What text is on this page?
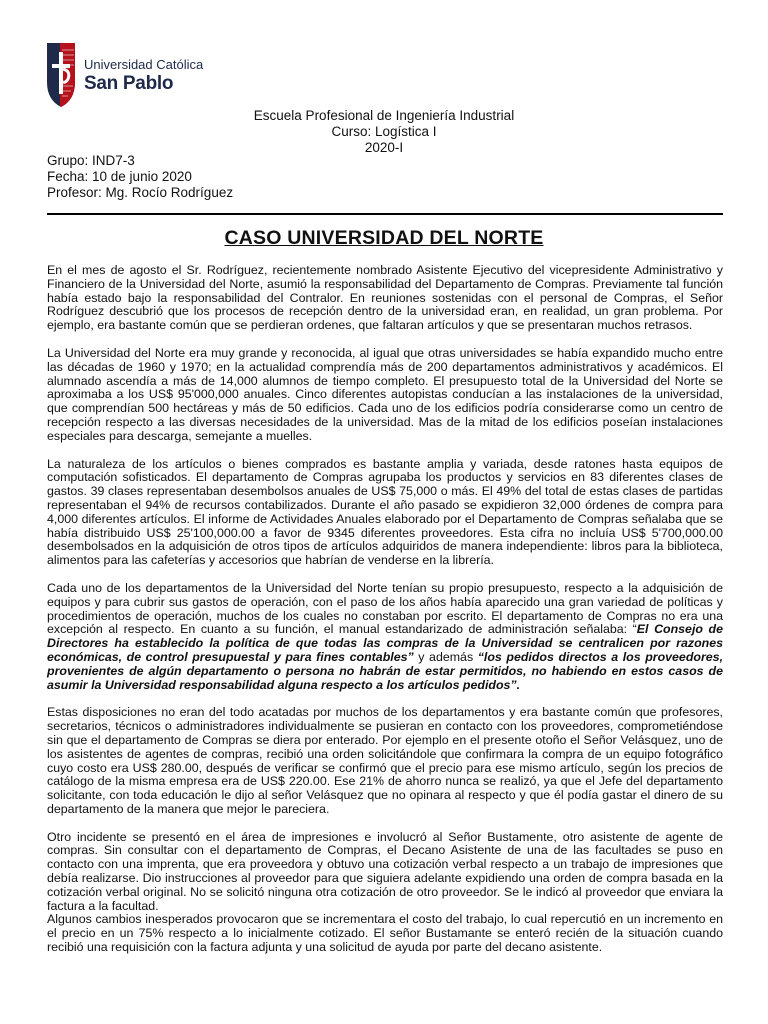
Universidad Católica
San Pablo
Escuela Profesional de Ingeniería Industrial
Curso: Logística I
2020-I
Grupo: IND7-3
Fecha: 10 de junio 2020
Profesor: Mg. Rocío Rodríguez
CASO UNIVERSIDAD DEL NORTE

En el mes de agosto el Sr. Rodríguez, recientemente nombrado Asistente Ejecutivo del vicepresidente Administrativo y Financiero de la Universidad del Norte, asumió la responsabilidad del Departamento de Compras. Previamente tal función había estado bajo la responsabilidad del Contralor. En reuniones sostenidas con el personal de Compras, el Señor Rodríguez descubrió que los procesos de recepción dentro de la universidad eran, en realidad, un gran problema. Por ejemplo, era bastante común que se perdieran ordenes, que faltaran artículos y que se presentaran muchos retrasos.

La Universidad del Norte era muy grande y reconocida, al igual que otras universidades se había expandido mucho entre las décadas de 1960 y 1970; en la actualidad comprendía más de 200 departamentos administrativos y académicos. El alumnado ascendía a más de 14,000 alumnos de tiempo completo. El presupuesto total de la Universidad del Norte se aproximaba a los US$ 95'000,000 anuales. Cinco diferentes autopistas conducían a las instalaciones de la universidad, que comprendían 500 hectáreas y más de 50 edificios. Cada uno de los edificios podría considerarse como un centro de recepción respecto a las diversas necesidades de la universidad. Mas de la mitad de los edificios poseían instalaciones especiales para descarga, semejante a muelles.

La naturaleza de los artículos o bienes comprados es bastante amplia y variada, desde ratones hasta equipos de computación sofisticados. El departamento de Compras agrupaba los productos y servicios en 83 diferentes clases de gastos. 39 clases representaban desembolsos anuales de US$ 75,000 o más. El 49% del total de estas clases de partidas representaban el 94% de recursos contabilizados. Durante el año pasado se expidieron 32,000 órdenes de compra para 4,000 diferentes artículos. El informe de Actividades Anuales elaborado por el Departamento de Compras señalaba que se había distribuido US$ 25'100,000.00 a favor de 9345 diferentes proveedores. Esta cifra no incluía US$ 5'700,000.00 desembolsados en la adquisición de otros tipos de artículos adquiridos de manera independiente: libros para la biblioteca, alimentos para las cafeterías y accesorios que habrían de venderse en la librería.

Cada uno de los departamentos de la Universidad del Norte tenían su propio presupuesto, respecto a la adquisición de equipos y para cubrir sus gastos de operación, con el paso de los años había aparecido una gran variedad de políticas y procedimientos de operación, muchos de los cuales no constaban por escrito. El departamento de Compras no era una excepción al respecto. En cuanto a su función, el manual estandarizado de administración señalaba: “El Consejo de Directores ha establecido la política de que todas las compras de la Universidad se centralicen por razones económicas, de control presupuestal y para fines contables” y además “los pedidos directos a los proveedores, provenientes de algún departamento o persona no habrán de estar permitidos, no habiendo en estos casos de asumir la Universidad responsabilidad alguna respecto a los artículos pedidos”.

Estas disposiciones no eran del todo acatadas por muchos de los departamentos y era bastante común que profesores, secretarios, técnicos o administradores individualmente se pusieran en contacto con los proveedores, comprometiéndose sin que el departamento de Compras se diera por enterado. Por ejemplo en el presente otoño el Señor Velásquez, uno de los asistentes de agentes de compras, recibió una orden solicitándole que confirmara la compra de un equipo fotográfico cuyo costo era US$ 280.00, después de verificar se confirmó que el precio para ese mismo artículo, según los precios de catálogo de la misma empresa era de US$ 220.00. Ese 21% de ahorro nunca se realizó, ya que el Jefe del departamento solicitante, con toda educación le dijo al señor Velásquez que no opinara al respecto y que él podía gastar el dinero de su departamento de la manera que mejor le pareciera.

Otro incidente se presentó en el área de impresiones e involucró al Señor Bustamente, otro asistente de agente de compras. Sin consultar con el departamento de Compras, el Decano Asistente de una de las facultades se puso en contacto con una imprenta, que era proveedora y obtuvo una cotización verbal respecto a un trabajo de impresiones que debía realizarse. Dio instrucciones al proveedor para que siguiera adelante expidiendo una orden de compra basada en la cotización verbal original. No se solicitó ninguna otra cotización de otro proveedor. Se le indicó al proveedor que enviara la factura a la facultad.

Algunos cambios inesperados provocaron que se incrementara el costo del trabajo, lo cual repercutió en un incremento en el precio en un 75% respecto a lo inicialmente cotizado. El señor Bustamante se enteró recién de la situación cuando recibió una requisición con la factura adjunta y una solicitud de ayuda por parte del decano asistente.
